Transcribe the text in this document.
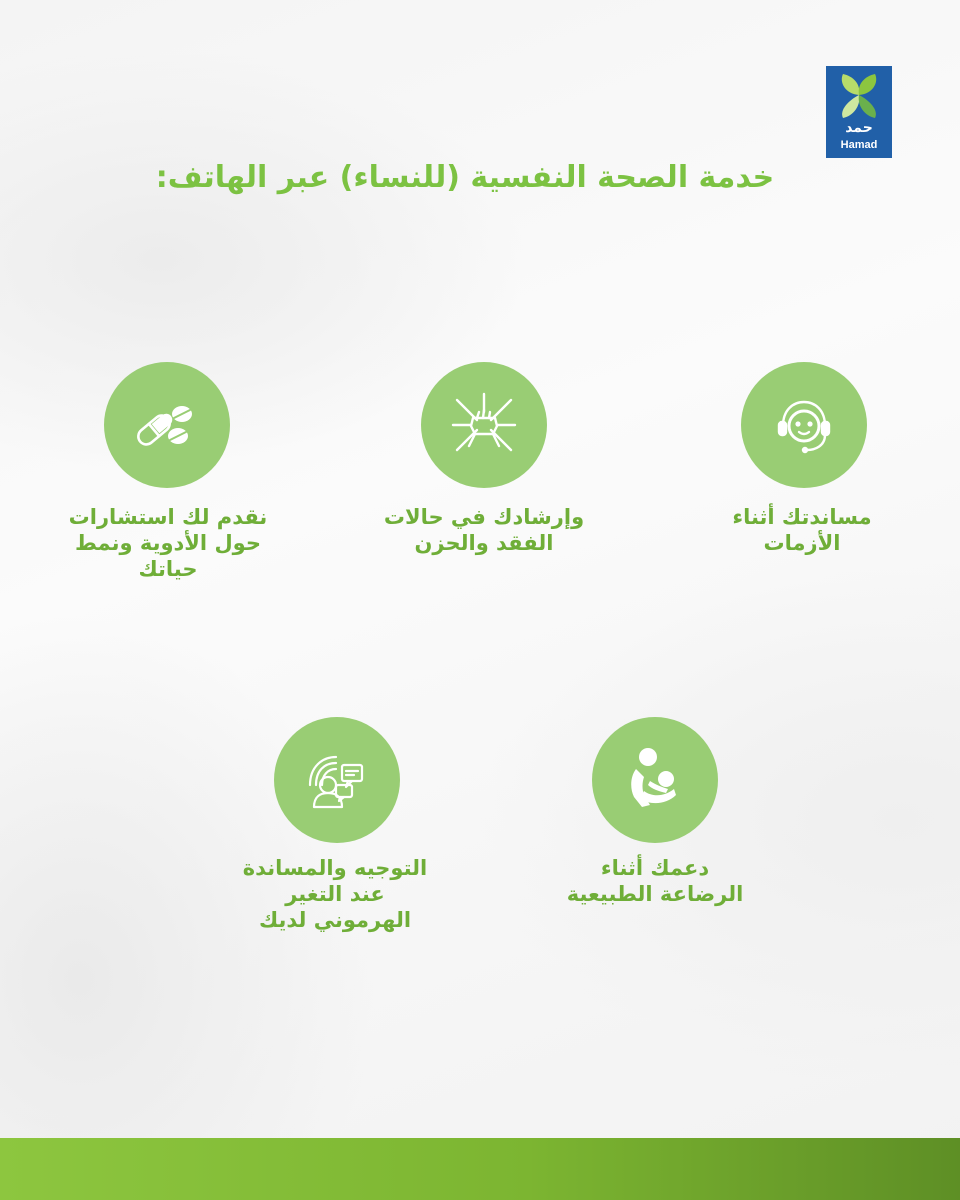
حمد
Hamad
خدمة الصحة النفسية (للنساء) عبر الهاتف:
مساندتك أثناء
الأزمات
وإرشادك في حالات
الفقد والحزن
نقدم لك استشارات
حول الأدوية ونمط
حياتك
دعمك أثناء
الرضاعة الطبيعية
التوجيه والمساندة
عند التغير
الهرموني لديك
